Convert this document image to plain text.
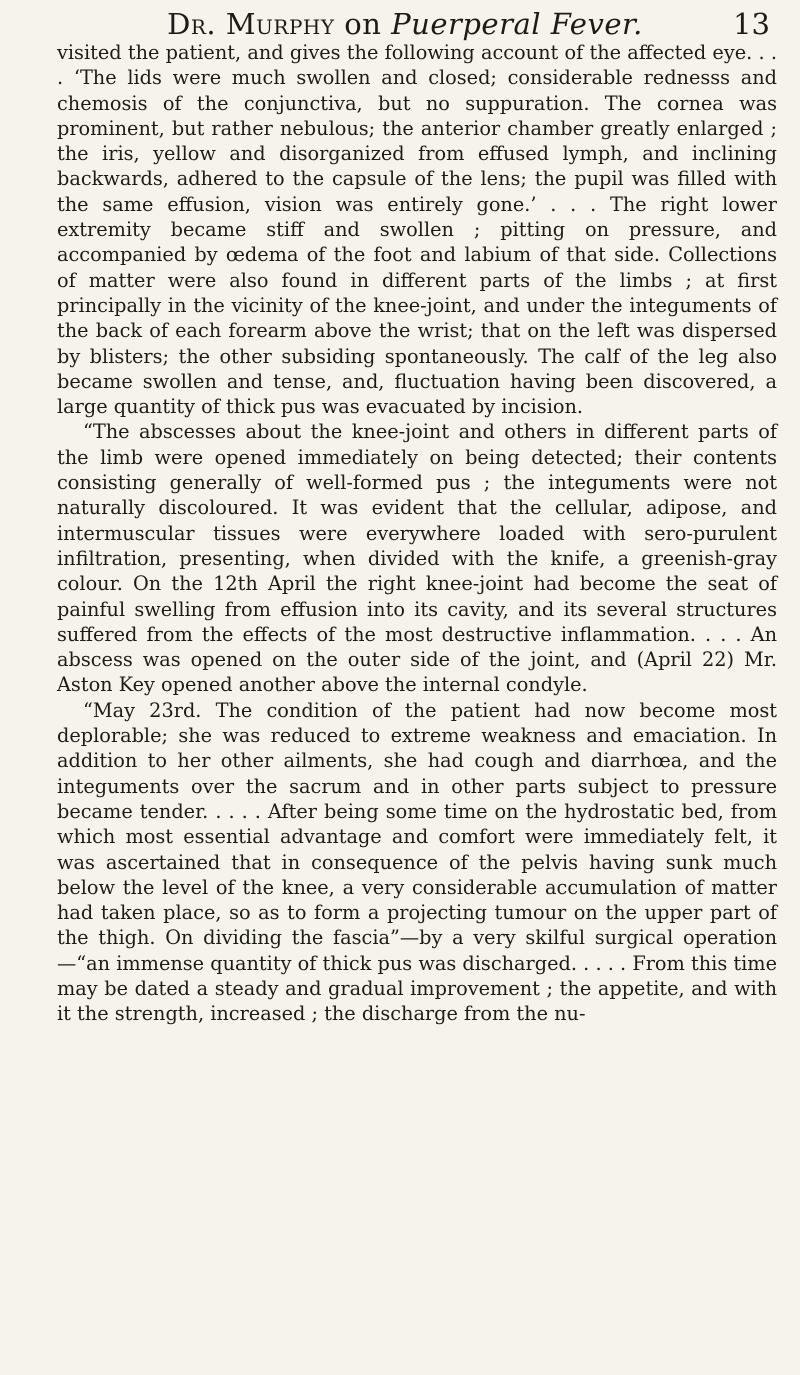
Dr. Murphy on Puerperal Fever.	13

visited the patient, and gives the following account of the affected eye. . . . ‘The lids were much swollen and closed; considerable rednesss and chemosis of the conjunctiva, but no suppuration. The cornea was prominent, but rather nebulous; the anterior chamber greatly enlarged ; the iris, yellow and disorganized from effused lymph, and inclining backwards, adhered to the capsule of the lens; the pupil was filled with the same effusion, vision was entirely gone.’ . . . The right lower extremity became stiff and swollen ; pitting on pressure, and accompanied by œdema of the foot and labium of that side. Collections of matter were also found in different parts of the limbs ; at first principally in the vicinity of the knee-joint, and under the integuments of the back of each forearm above the wrist; that on the left was dispersed by blisters; the other subsiding spontaneously. The calf of the leg also became swollen and tense, and, fluctuation having been discovered, a large quantity of thick pus was evacuated by incision.

“The abscesses about the knee-joint and others in different parts of the limb were opened immediately on being detected; their contents consisting generally of well-formed pus ; the integuments were not naturally discoloured. It was evident that the cellular, adipose, and intermuscular tissues were everywhere loaded with sero-purulent infiltration, presenting, when divided with the knife, a greenish-gray colour. On the 12th April the right knee-joint had become the seat of painful swelling from effusion into its cavity, and its several structures suffered from the effects of the most destructive inflammation. . . . An abscess was opened on the outer side of the joint, and (April 22) Mr. Aston Key opened another above the internal condyle.

“May 23rd. The condition of the patient had now become most deplorable; she was reduced to extreme weakness and emaciation. In addition to her other ailments, she had cough and diarrhœa, and the integuments over the sacrum and in other parts subject to pressure became tender. . . . . After being some time on the hydrostatic bed, from which most essential advantage and comfort were immediately felt, it was ascertained that in consequence of the pelvis having sunk much below the level of the knee, a very considerable accumulation of matter had taken place, so as to form a projecting tumour on the upper part of the thigh. On dividing the fascia”—by a very skilful surgical operation—“an immense quantity of thick pus was discharged. . . . . From this time may be dated a steady and gradual improvement ; the appetite, and with it the strength, increased ; the discharge from the nu-
